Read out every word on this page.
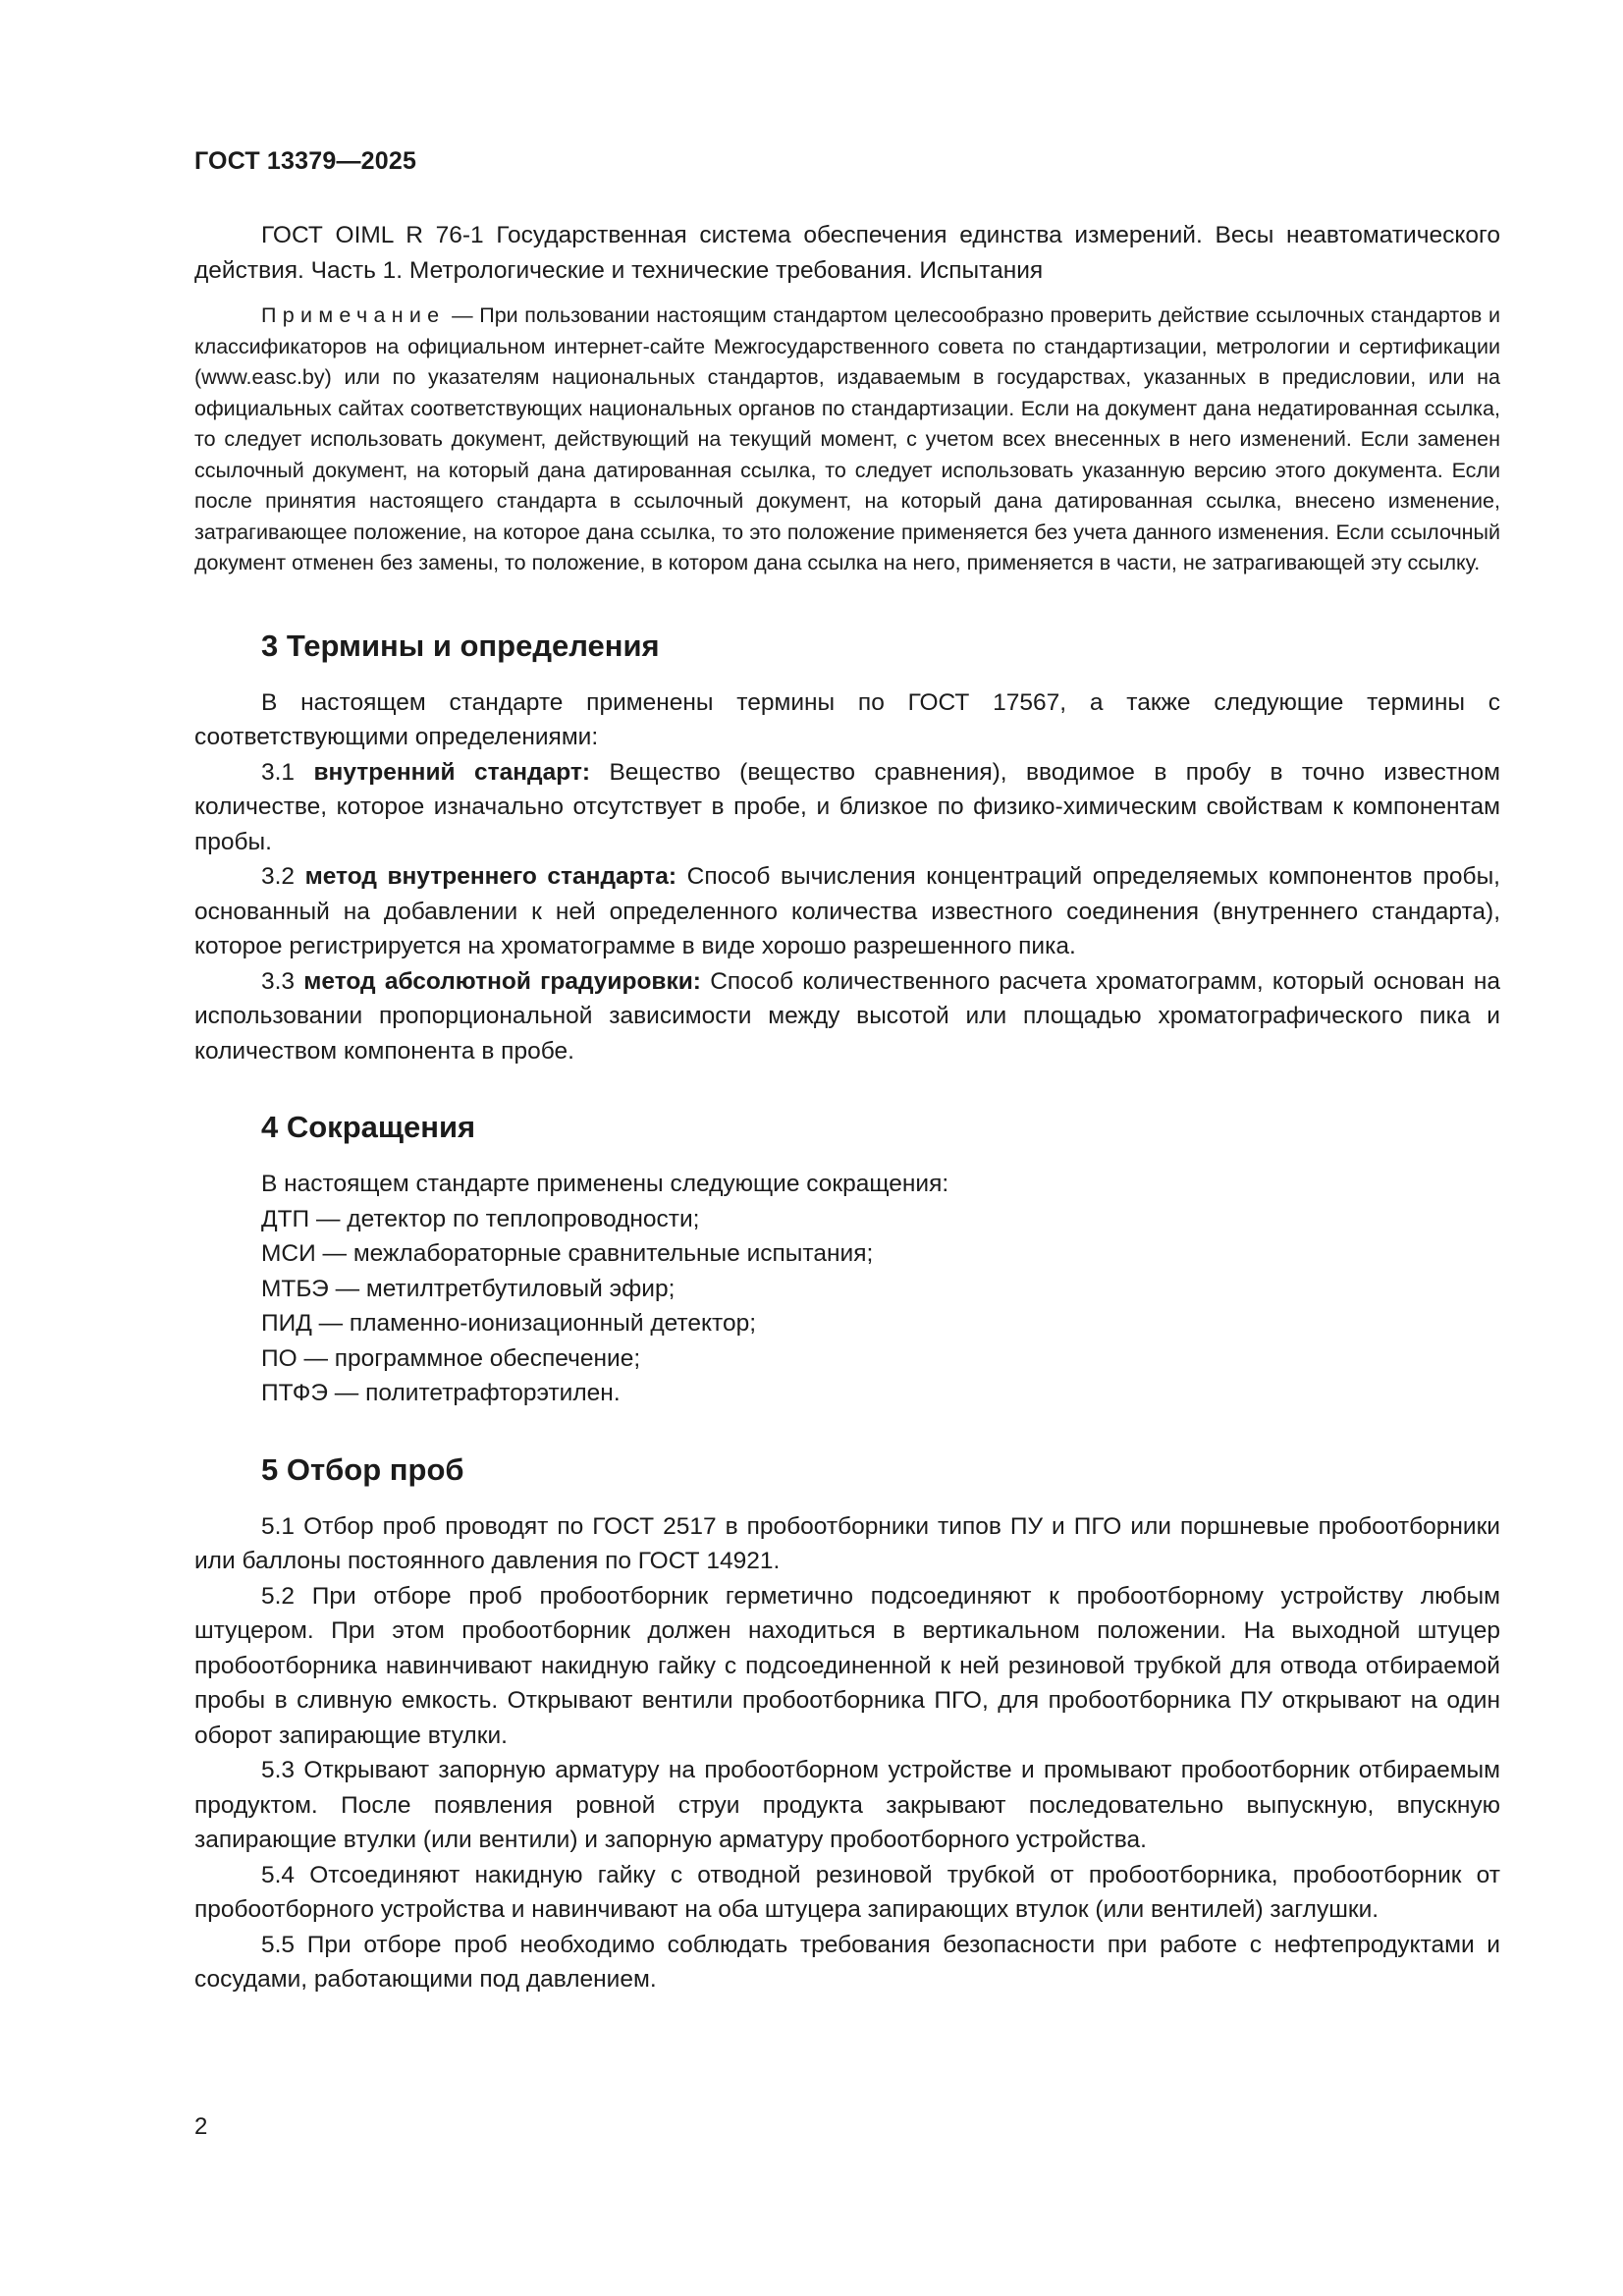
ГОСТ 13379—2025

ГОСТ OIML R 76-1 Государственная система обеспечения единства измерений. Весы неавтоматического действия. Часть 1. Метрологические и технические требования. Испытания

Примечание — При пользовании настоящим стандартом целесообразно проверить действие ссылочных стандартов и классификаторов на официальном интернет-сайте Межгосударственного совета по стандартизации, метрологии и сертификации (www.easc.by) или по указателям национальных стандартов, издаваемым в государствах, указанных в предисловии, или на официальных сайтах соответствующих национальных органов по стандартизации. Если на документ дана недатированная ссылка, то следует использовать документ, действующий на текущий момент, с учетом всех внесенных в него изменений. Если заменен ссылочный документ, на который дана датированная ссылка, то следует использовать указанную версию этого документа. Если после принятия настоящего стандарта в ссылочный документ, на который дана датированная ссылка, внесено изменение, затрагивающее положение, на которое дана ссылка, то это положение применяется без учета данного изменения. Если ссылочный документ отменен без замены, то положение, в котором дана ссылка на него, применяется в части, не затрагивающей эту ссылку.

3 Термины и определения

В настоящем стандарте применены термины по ГОСТ 17567, а также следующие термины с соответствующими определениями:

3.1 внутренний стандарт: Вещество (вещество сравнения), вводимое в пробу в точно известном количестве, которое изначально отсутствует в пробе, и близкое по физико-химическим свойствам к компонентам пробы.

3.2 метод внутреннего стандарта: Способ вычисления концентраций определяемых компонентов пробы, основанный на добавлении к ней определенного количества известного соединения (внутреннего стандарта), которое регистрируется на хроматограмме в виде хорошо разрешенного пика.

3.3 метод абсолютной градуировки: Способ количественного расчета хроматограмм, который основан на использовании пропорциональной зависимости между высотой или площадью хроматографического пика и количеством компонента в пробе.

4 Сокращения

В настоящем стандарте применены следующие сокращения:

ДТП — детектор по теплопроводности;

МСИ — межлабораторные сравнительные испытания;

МТБЭ — метилтретбутиловый эфир;

ПИД — пламенно-ионизационный детектор;

ПО — программное обеспечение;

ПТФЭ — политетрафторэтилен.

5 Отбор проб

5.1 Отбор проб проводят по ГОСТ 2517 в пробоотборники типов ПУ и ПГО или поршневые пробоотборники или баллоны постоянного давления по ГОСТ 14921.

5.2 При отборе проб пробоотборник герметично подсоединяют к пробоотборному устройству любым штуцером. При этом пробоотборник должен находиться в вертикальном положении. На выходной штуцер пробоотборника навинчивают накидную гайку с подсоединенной к ней резиновой трубкой для отвода отбираемой пробы в сливную емкость. Открывают вентили пробоотборника ПГО, для пробоотборника ПУ открывают на один оборот запирающие втулки.

5.3 Открывают запорную арматуру на пробоотборном устройстве и промывают пробоотборник отбираемым продуктом. После появления ровной струи продукта закрывают последовательно выпускную, впускную запирающие втулки (или вентили) и запорную арматуру пробоотборного устройства.

5.4 Отсоединяют накидную гайку с отводной резиновой трубкой от пробоотборника, пробоотборник от пробоотборного устройства и навинчивают на оба штуцера запирающих втулок (или вентилей) заглушки.

5.5 При отборе проб необходимо соблюдать требования безопасности при работе с нефтепродуктами и сосудами, работающими под давлением.

2
